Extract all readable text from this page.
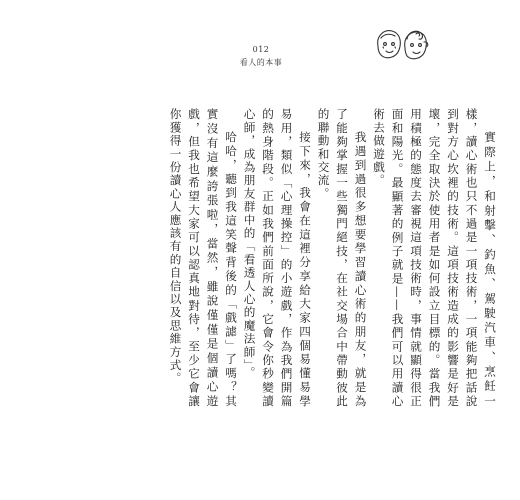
012
看人的本事

實際上，和射擊、釣魚、駕駛汽車、烹飪一樣，讀心術也只不過是一項技術，一項能夠把話說到對方心坎裡的技術。這項技術造成的影響是好是壞，完全取決於使用者是如何設立目標的。當我們用積極的態度去審視這項技術時，事情就顯得很正面和陽光。最顯著的例子就是——我們可以用讀心術去做遊戲。

我遇到過很多想要學習讀心術的朋友，就是為了能夠掌握一些獨門絕技，在社交場合中帶動彼此的聯動和交流。

接下來，我會在這裡分享給大家四個易懂易學易用，類似「心理操控」的小遊戲，作為我們開篇的熱身階段。正如我們前面所說，它會令你秒變讀心師，成為朋友群中的「看透人心的魔法師」。

哈哈，聽到我這笑聲背後的「戲謔」了嗎？其實沒有這麼誇張啦，當然，雖說僅僅是個讀心遊戲，但我也希望大家可以認真地對待，至少它會讓你獲得一份讀心人應該有的自信以及思維方式。
